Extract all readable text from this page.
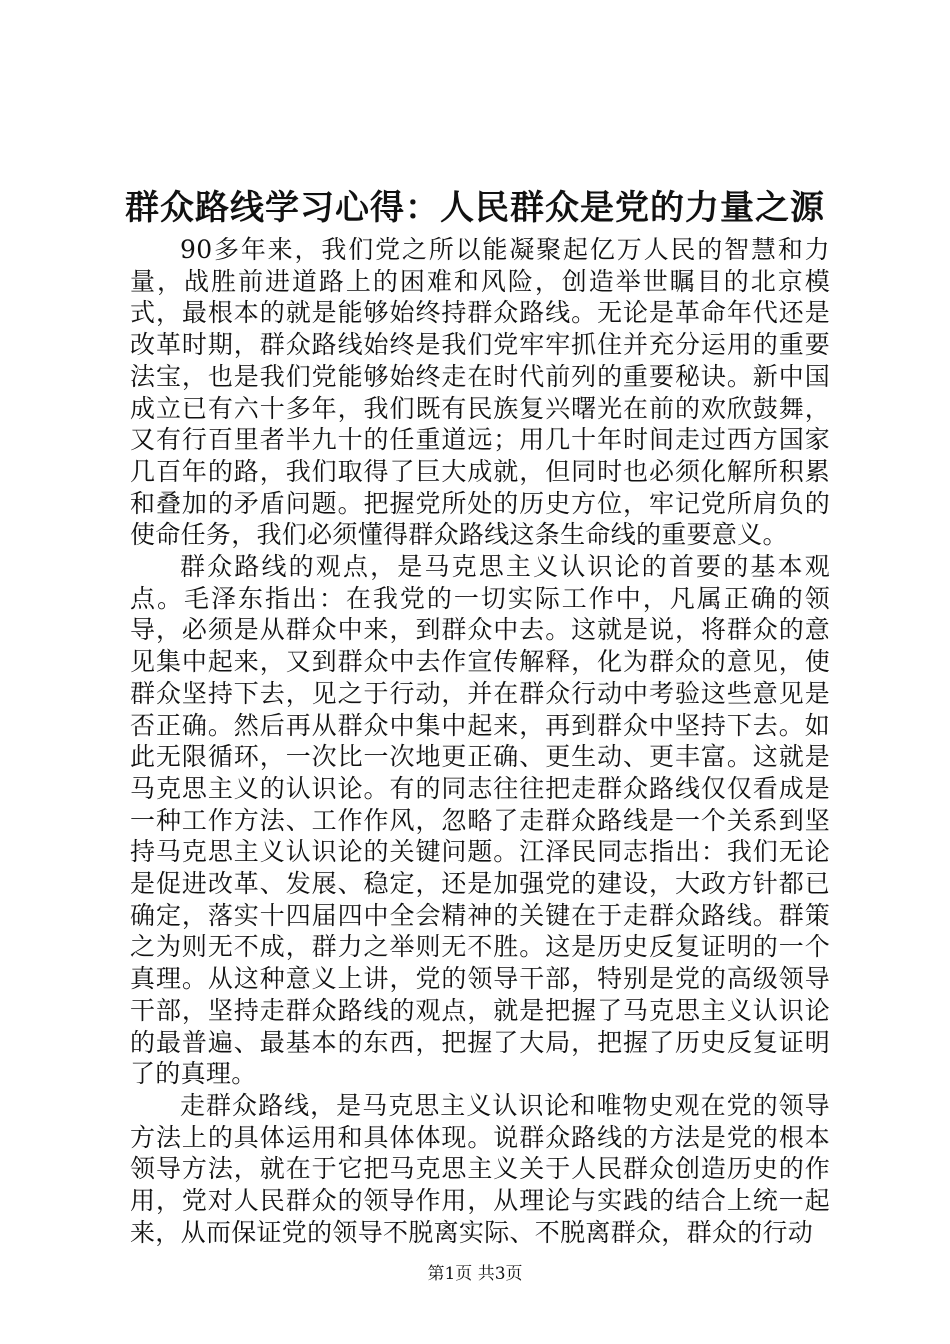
群众路线学习心得：人民群众是党的力量之源

90多年来，我们党之所以能凝聚起亿万人民的智慧和力量，战胜前进道路上的困难和风险，创造举世瞩目的北京模式，最根本的就是能够始终持群众路线。无论是革命年代还是改革时期，群众路线始终是我们党牢牢抓住并充分运用的重要法宝，也是我们党能够始终走在时代前列的重要秘诀。新中国成立已有六十多年，我们既有民族复兴曙光在前的欢欣鼓舞，又有行百里者半九十的任重道远；用几十年时间走过西方国家几百年的路，我们取得了巨大成就，但同时也必须化解所积累和叠加的矛盾问题。把握党所处的历史方位，牢记党所肩负的使命任务，我们必须懂得群众路线这条生命线的重要意义。

群众路线的观点，是马克思主义认识论的首要的基本观点。毛泽东指出：在我党的一切实际工作中，凡属正确的领导，必须是从群众中来，到群众中去。这就是说，将群众的意见集中起来，又到群众中去作宣传解释，化为群众的意见，使群众坚持下去，见之于行动，并在群众行动中考验这些意见是否正确。然后再从群众中集中起来，再到群众中坚持下去。如此无限循环，一次比一次地更正确、更生动、更丰富。这就是马克思主义的认识论。有的同志往往把走群众路线仅仅看成是一种工作方法、工作作风，忽略了走群众路线是一个关系到坚持马克思主义认识论的关键问题。江泽民同志指出：我们无论是促进改革、发展、稳定，还是加强党的建设，大政方针都已确定，落实十四届四中全会精神的关键在于走群众路线。群策之为则无不成，群力之举则无不胜。这是历史反复证明的一个真理。从这种意义上讲，党的领导干部，特别是党的高级领导干部，坚持走群众路线的观点，就是把握了马克思主义认识论的最普遍、最基本的东西，把握了大局，把握了历史反复证明了的真理。

走群众路线，是马克思主义认识论和唯物史观在党的领导方法上的具体运用和具体体现。说群众路线的方法是党的根本领导方法，就在于它把马克思主义关于人民群众创造历史的作用，党对人民群众的领导作用，从理论与实践的结合上统一起来，从而保证党的领导不脱离实际、不脱离群众，群众的行动

第1页 共3页
